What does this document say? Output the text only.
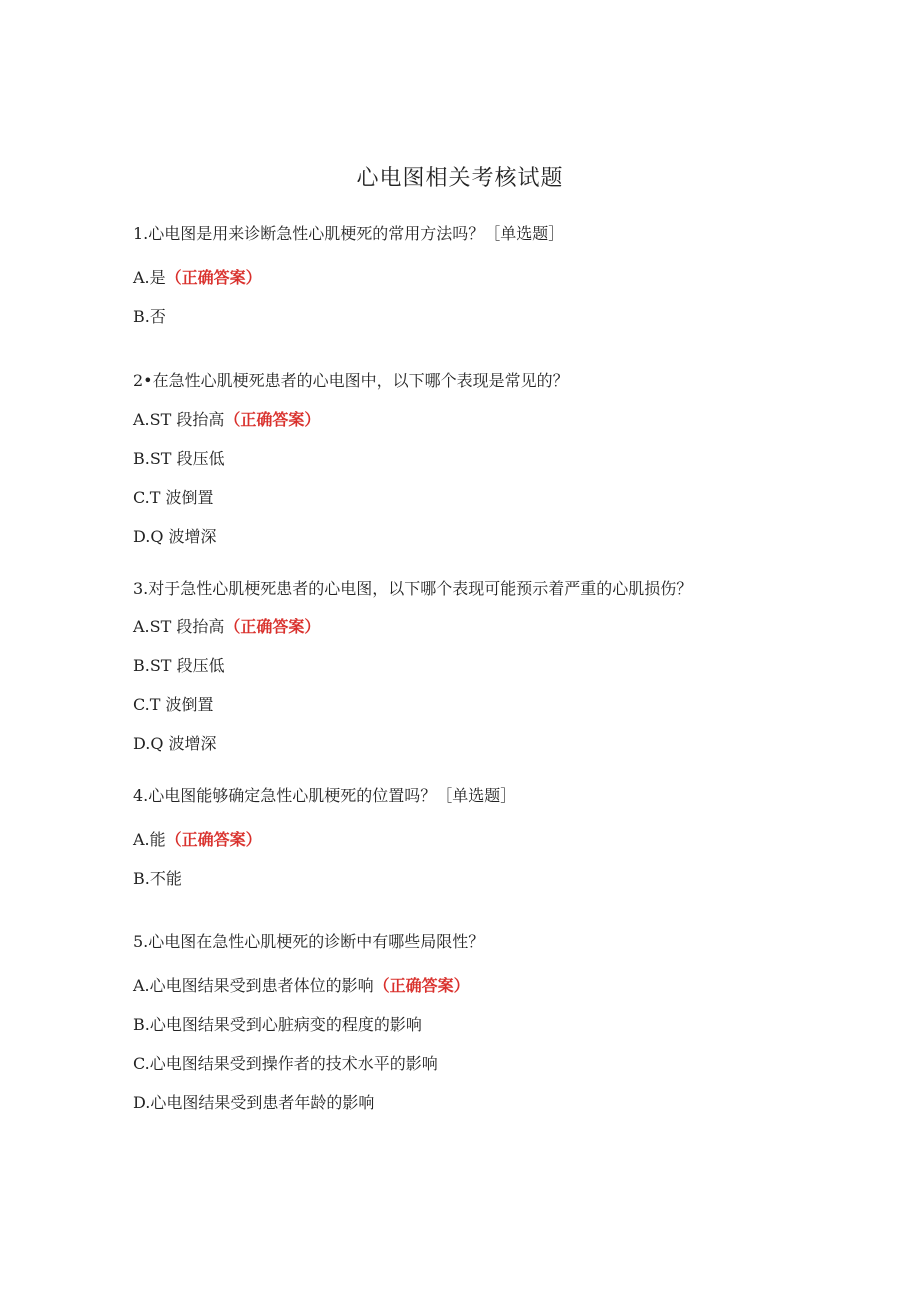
心电图相关考核试题
1.心电图是用来诊断急性心肌梗死的常用方法吗？［单选题］
A.是（正确答案）
B.否
2•在急性心肌梗死患者的心电图中，以下哪个表现是常见的？
A.ST 段抬高（正确答案）
B.ST 段压低
C.T 波倒置
D.Q 波增深
3.对于急性心肌梗死患者的心电图，以下哪个表现可能预示着严重的心肌损伤？
A.ST 段抬高（正确答案）
B.ST 段压低
C.T 波倒置
D.Q 波增深
4.心电图能够确定急性心肌梗死的位置吗？［单选题］
A.能（正确答案）
B.不能
5.心电图在急性心肌梗死的诊断中有哪些局限性？
A.心电图结果受到患者体位的影响（正确答案）
B.心电图结果受到心脏病变的程度的影响
C.心电图结果受到操作者的技术水平的影响
D.心电图结果受到患者年龄的影响
